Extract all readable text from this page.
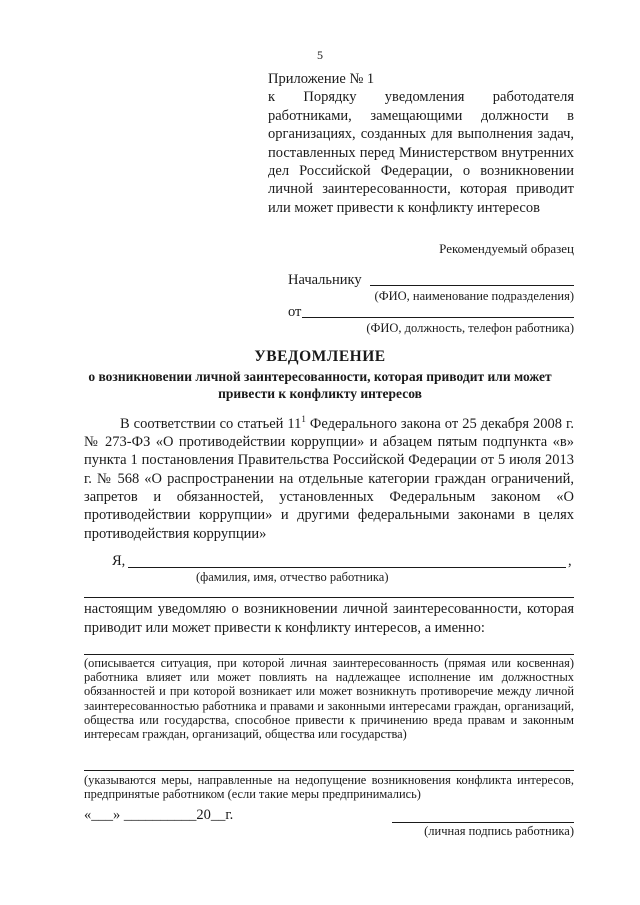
5
Приложение № 1
к Порядку уведомления работодателя работниками, замещающими должности в организациях, созданных для выполнения задач, поставленных перед Министерством внутренних дел Российской Федерации, о возникновении личной заинтересованности, которая приводит или может привести к конфликту интересов
Рекомендуемый образец
Начальнику
(ФИО, наименование подразделения)
от
(ФИО, должность, телефон работника)
УВЕДОМЛЕНИЕ
о возникновении личной заинтересованности, которая приводит или может привести к конфликту интересов

В соответствии со статьей $11^1$ Федерального закона от 25 декабря 2008 г. № 273-ФЗ «О противодействии коррупции» и абзацем пятым подпункта «в» пункта 1 постановления Правительства Российской Федерации от 5 июля 2013 г. № 568 «О распространении на отдельные категории граждан ограничений, запретов и обязанностей, установленных Федеральным законом «О противодействии коррупции» и другими федеральными законами в целях противодействия коррупции»

Я,	,
(фамилия, имя, отчество работника)
настоящим уведомляю о возникновении личной заинтересованности, которая приводит или может привести к конфликту интересов, а именно:
(описывается ситуация, при которой личная заинтересованность (прямая или косвенная) работника влияет или может повлиять на надлежащее исполнение им должностных обязанностей и при которой возникает или может возникнуть противоречие между личной заинтересованностью работника и правами и законными интересами граждан, организаций, общества или государства, способное привести к причинению вреда правам и законным интересам граждан, организаций, общества или государства)
(указываются меры, направленные на недопущение возникновения конфликта интересов, предпринятые работником (если такие меры предпринимались)
«___» __________20__г.
(личная подпись работника)
